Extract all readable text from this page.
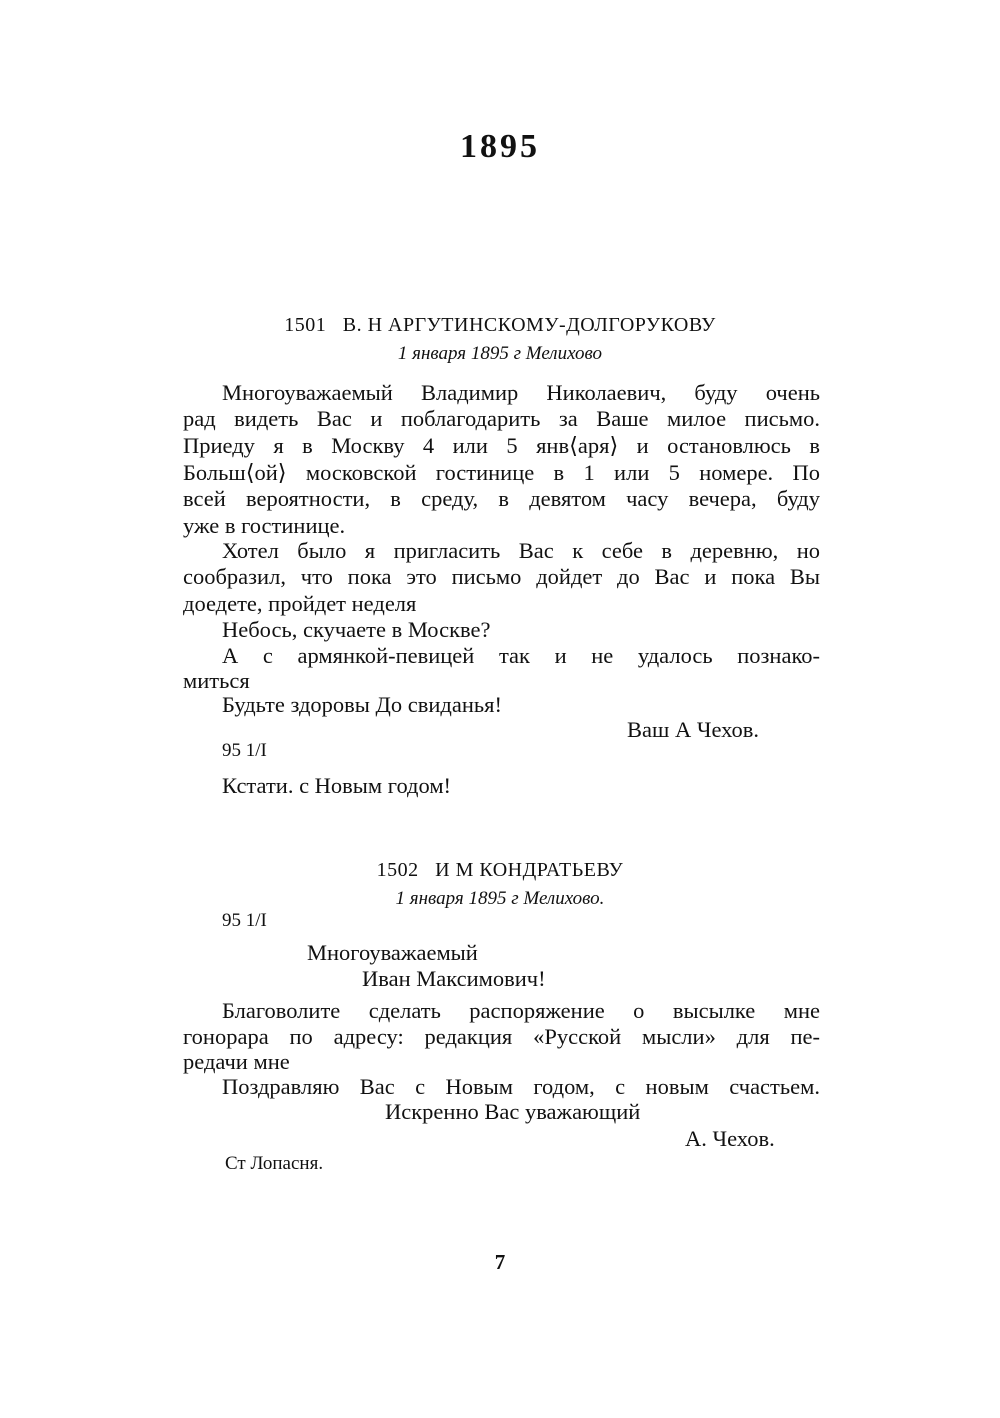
1895
1501 В. Н АРГУТИНСКОМУ-ДОЛГОРУКОВУ
1 января 1895 г Мелихово
Многоуважаемый Владимир Николаевич, буду очень
рад видеть Вас и поблагодарить за Ваше милое письмо.
Приеду я в Москву 4 или 5 янв⟨аря⟩ и остановлюсь в
Больш⟨ой⟩ московской гостинице в 1 или 5 номере. По
всей вероятности, в среду, в девятом часу вечера, буду
уже в гостинице.
Хотел было я пригласить Вас к себе в деревню, но
сообразил, что пока это письмо дойдет до Вас и пока Вы
доедете, пройдет неделя
Небось, скучаете в Москве?
А с армянкой-певицей так и не удалось познако-
миться
Будьте здоровы До свиданья!
Ваш А Чехов.
95 1/I
Кстати. с Новым годом!
1502 И М КОНДРАТЬЕВУ
1 января 1895 г Мелихово.
95 1/I
Многоуважаемый
Иван Максимович!
Благоволите сделать распоряжение о высылке мне
гонорара по адресу: редакция «Русской мысли» для пе-
редачи мне
Поздравляю Вас с Новым годом, с новым счастьем.
Искренно Вас уважающий
А. Чехов.
Ст Лопасня.
7
